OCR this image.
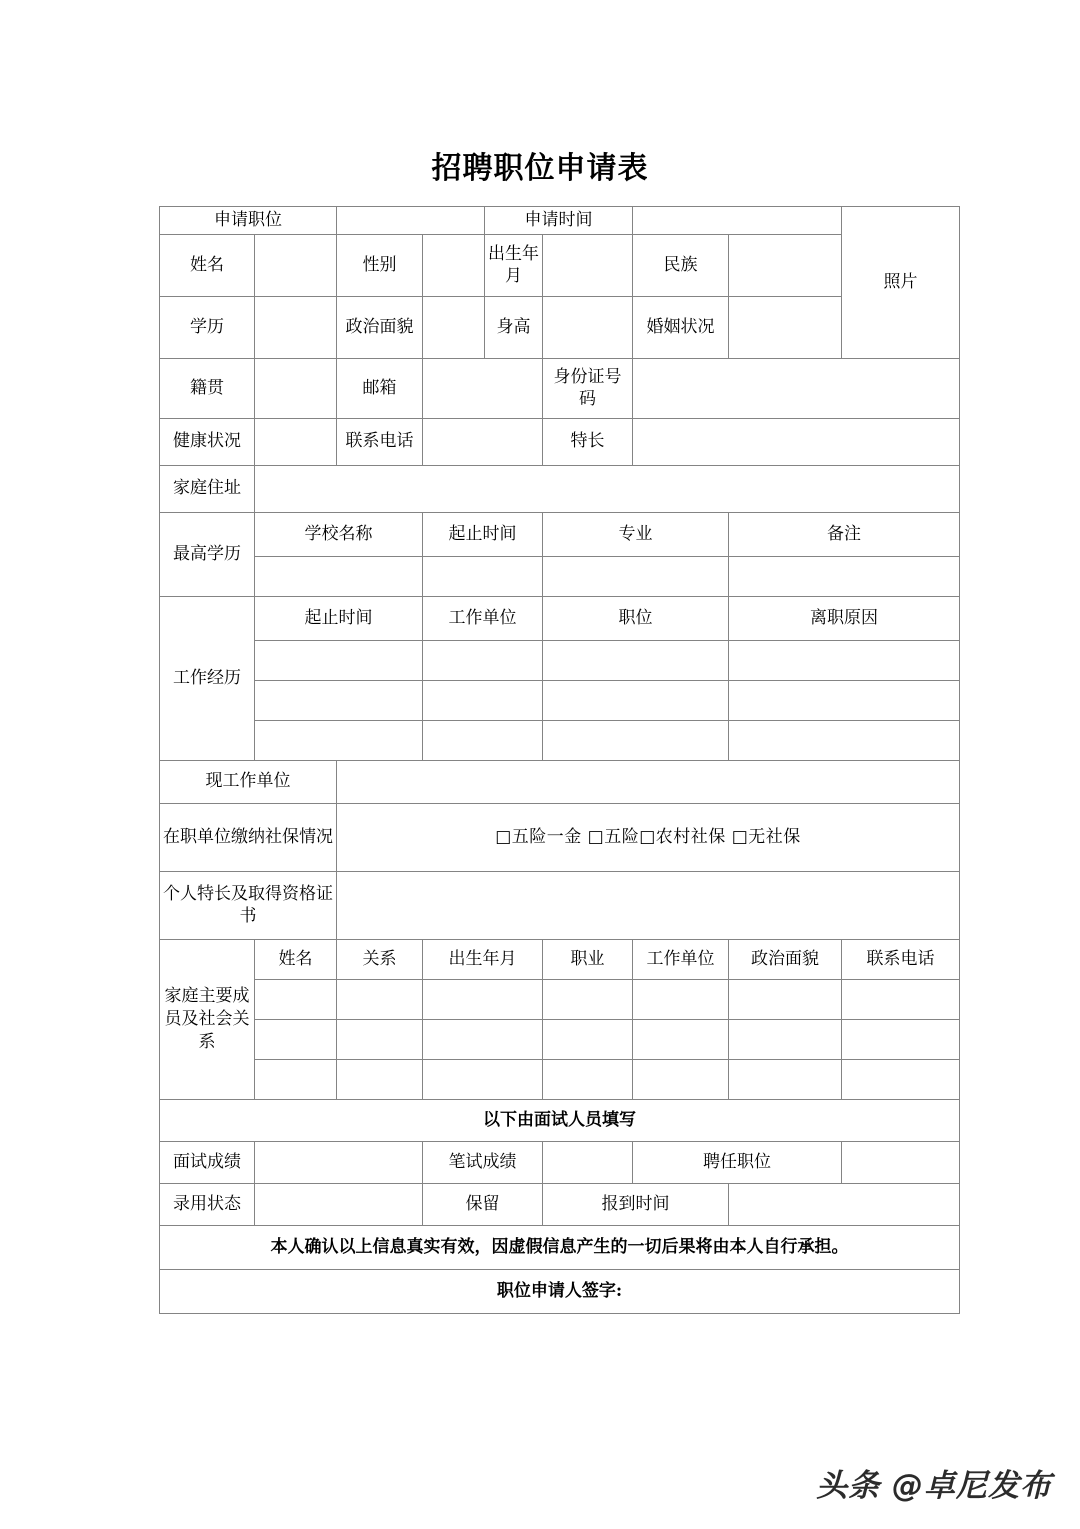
招聘职位申请表
申请职位				申请时间				照片
姓名		性别		出生年月		民族		
学历		政治面貌		身高		婚姻状况		
籍贯		邮箱			身份证号码			
健康状况		联系电话			特长			
家庭住址								
最高学历	学校名称		起止时间		专业		备注	

工作经历	起止时间		工作单位		职位		离职原因	

现工作单位								
在职单位缴纳社保情况		□五险一金 □五险□农村社保 □无社保						
个人特长及取得资格证书								
家庭主要成员及社会关系	姓名	关系	出生年月		职业	工作单位	政治面貌	联系电话

以下由面试人员填写								
面试成绩			笔试成绩			聘任职位		
录用状态			保留		报到时间			
本人确认以上信息真实有效，因虚假信息产生的一切后果将由本人自行承担。								
职位申请人签字:								
头条 @卓尼发布
